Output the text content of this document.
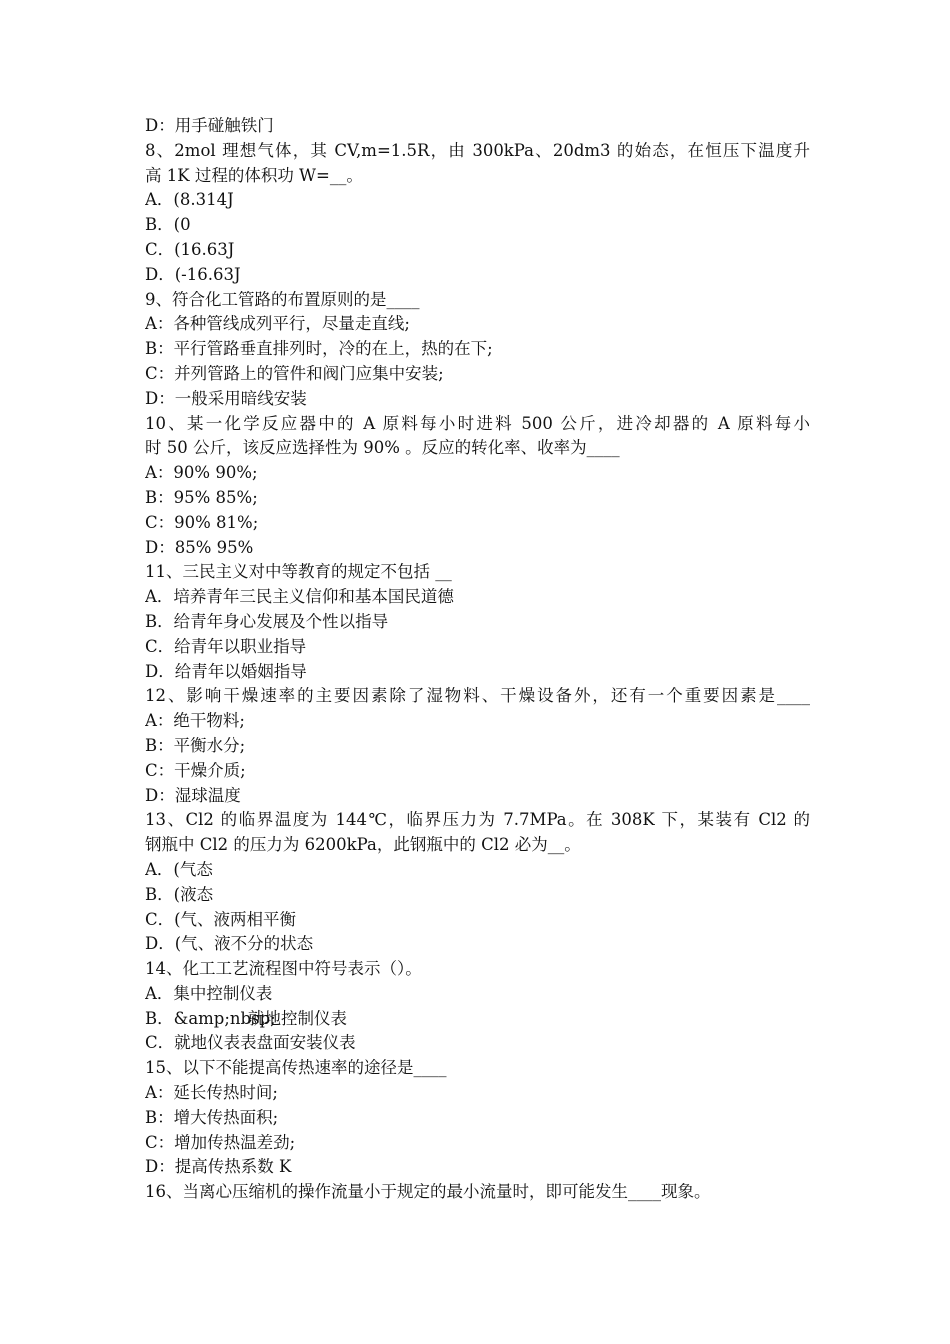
D：用手碰触铁门
8、2mol 理想气体，其 CV,m=1.5R，由 300kPa、20dm3 的始态，在恒压下温度升
高 1K 过程的体积功 W=__。
A．(8.314J
B．(0
C．(16.63J
D．(-16.63J
9、符合化工管路的布置原则的是____
A：各种管线成列平行，尽量走直线;
B：平行管路垂直排列时，冷的在上，热的在下;
C：并列管路上的管件和阀门应集中安装;
D：一般采用暗线安装
10、某一化学反应器中的 A 原料每小时进料 500 公斤，进冷却器的 A 原料每小
时 50 公斤，该反应选择性为 90% 。反应的转化率、收率为____
A：90% 90%;
B：95% 85%;
C：90% 81%;
D：85% 95%
11、三民主义对中等教育的规定不包括 __
A．培养青年三民主义信仰和基本国民道德
B．给青年身心发展及个性以指导
C．给青年以职业指导
D．给青年以婚姻指导
12、影响干燥速率的主要因素除了湿物料、干燥设备外，还有一个重要因素是____
A：绝干物料;
B：平衡水分;
C：干燥介质;
D：湿球温度
13、Cl2 的临界温度为 144℃，临界压力为 7.7MPa。在 308K 下，某装有 Cl2 的
钢瓶中 Cl2 的压力为 6200kPa，此钢瓶中的 Cl2 必为__。
A．(气态
B．(液态
C．(气、液两相平衡
D．(气、液不分的状态
14、化工工艺流程图中符号表示（）。
A．集中控制仪表
B．&amp;nbsp;
就地控制仪表
C．就地仪表表盘面安装仪表
15、以下不能提高传热速率的途径是____
A：延长传热时间;
B：增大传热面积;
C：增加传热温差劲;
D：提高传热系数 K
16、当离心压缩机的操作流量小于规定的最小流量时，即可能发生____现象。
